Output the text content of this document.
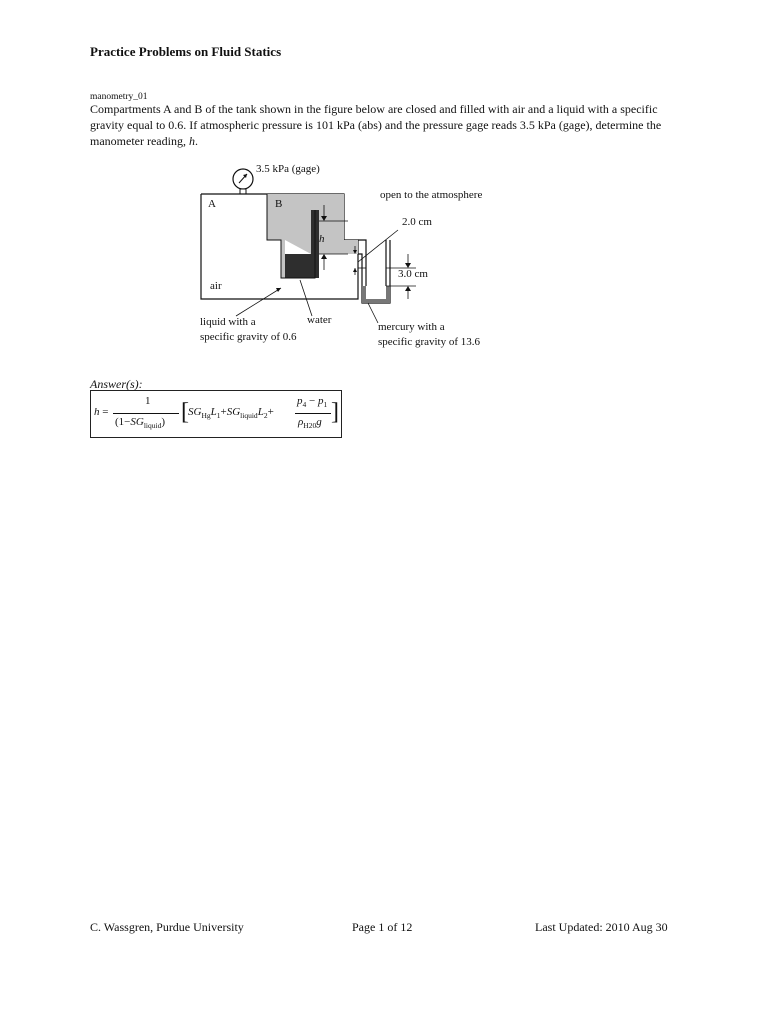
Practice Problems on Fluid Statics
manometry_01
Compartments A and B of the tank shown in the figure below are closed and filled with air and a liquid with a specific gravity equal to 0.6. If atmospheric pressure is 101 kPa (abs) and the pressure gage reads 3.5 kPa (gage), determine the manometer reading, h.
3.5 kPa (gage)
A	B
air
open to the atmosphere
h
2.0 cm
3.0 cm
liquid with a
specific gravity of 0.6
water
mercury with a
specific gravity of 13.6
Answer(s):
h =
1
$(1-SG_{liquid})$ [ $SG_{Hg}L_1+SG_{liquid}L_2+$
$p_4 - p_1$
$\rho_{H20}g$ ]
C. Wassgren, Purdue University	Page 1 of 12	Last Updated: 2010 Aug 30
